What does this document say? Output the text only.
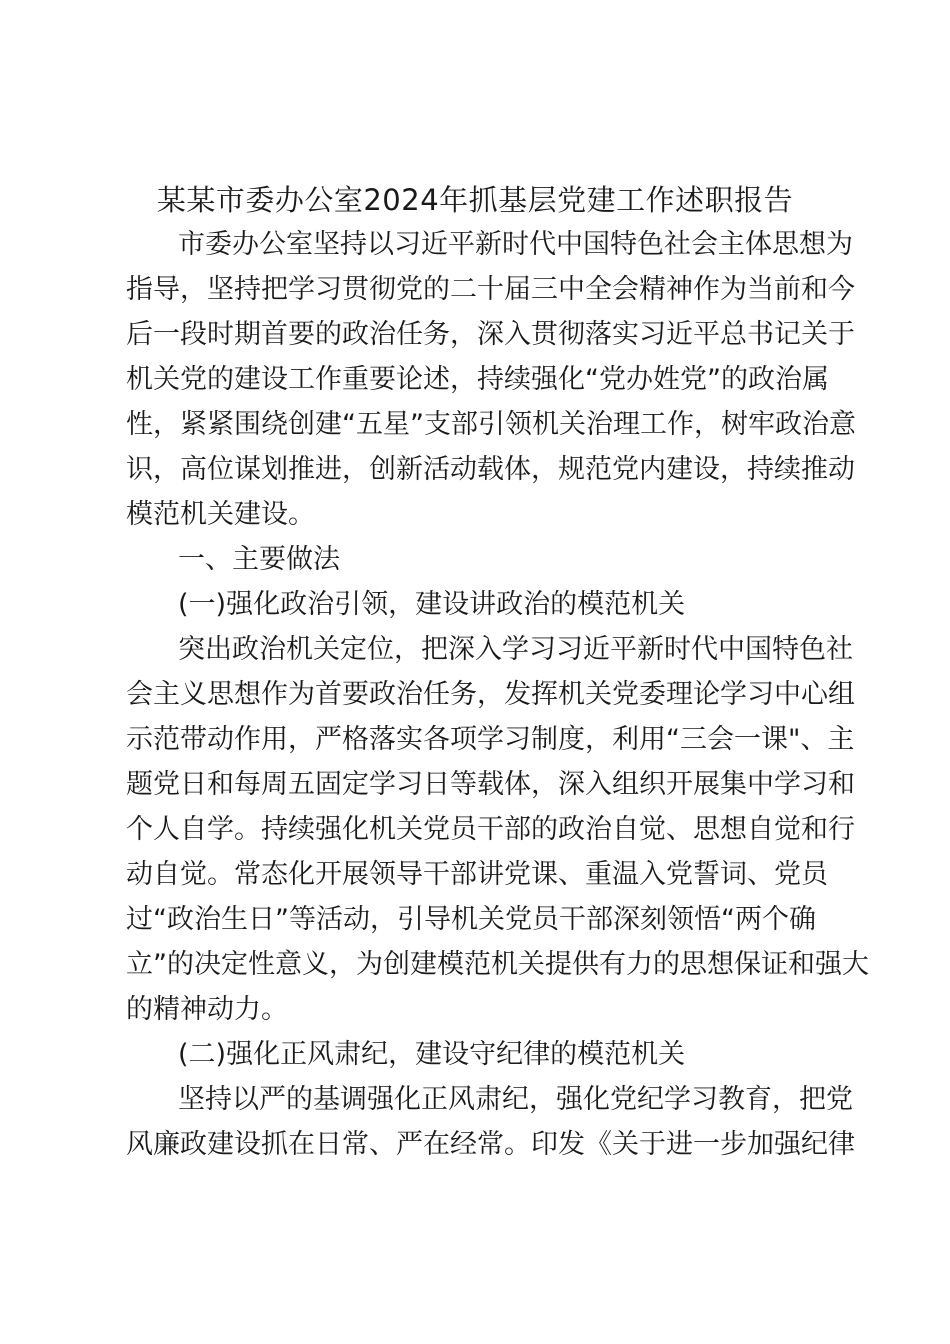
某某市委办公室2024年抓基层党建工作述职报告

市委办公室坚持以习近平新时代中国特色社会主体思想为

指导，坚持把学习贯彻党的二十届三中全会精神作为当前和今

后一段时期首要的政治任务，深入贯彻落实习近平总书记关于

机关党的建设工作重要论述，持续强化“党办姓党”的政治属

性，紧紧围绕创建“五星”支部引领机关治理工作，树牢政治意

识，高位谋划推进，创新活动载体，规范党内建设，持续推动

模范机关建设。

一、主要做法

(一)强化政治引领，建设讲政治的模范机关

突出政治机关定位，把深入学习习近平新时代中国特色社

会主义思想作为首要政治任务，发挥机关党委理论学习中心组

示范带动作用，严格落实各项学习制度，利用“三会一课"、主

题党日和每周五固定学习日等载体，深入组织开展集中学习和

个人自学。持续强化机关党员干部的政治自觉、思想自觉和行

动自觉。常态化开展领导干部讲党课、重温入党誓词、党员

过“政治生日”等活动，引导机关党员干部深刻领悟“两个确

立”的决定性意义，为创建模范机关提供有力的思想保证和强大

的精神动力。

(二)强化正风肃纪，建设守纪律的模范机关

坚持以严的基调强化正风肃纪，强化党纪学习教育，把党

风廉政建设抓在日常、严在经常。印发《关于进一步加强纪律
